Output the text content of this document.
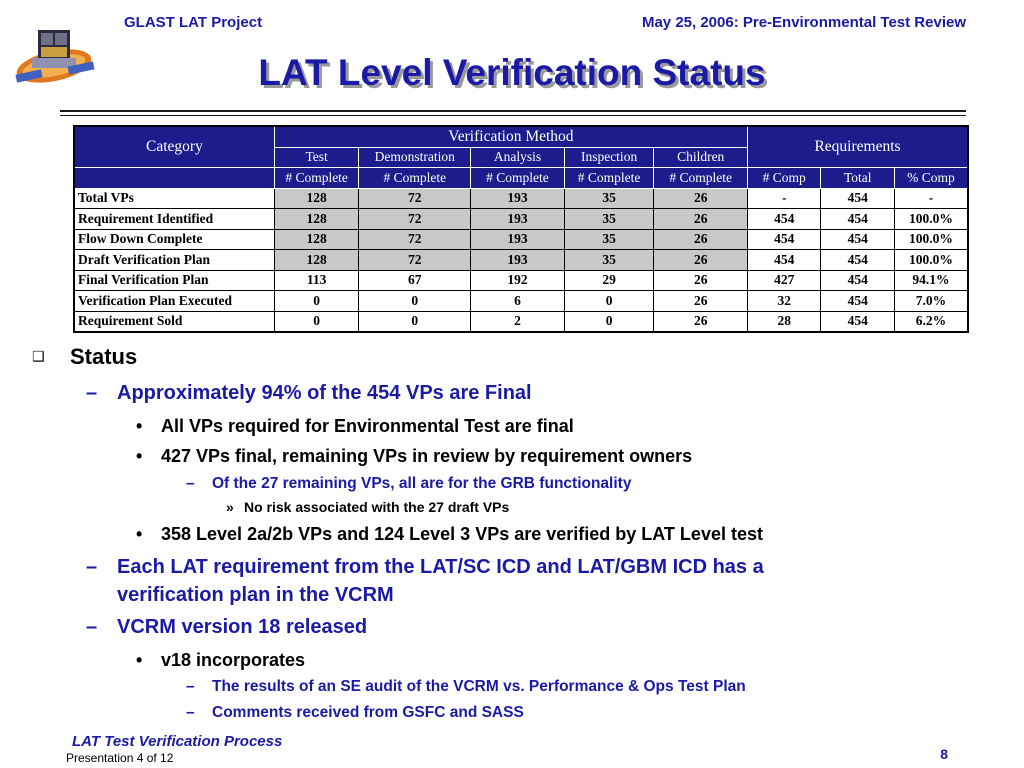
GLAST LAT Project	May 25, 2006: Pre-Environmental Test Review
LAT Level Verification Status
Category	Verification Method					Requirements		
	Test	Demonstration	Analysis	Inspection	Children			
	# Complete	# Complete	# Complete	# Complete	# Complete	# Comp	Total	% Comp
Total VPs	128	72	193	35	26	-	454	-
Requirement Identified	128	72	193	35	26	454	454	100.0%
Flow Down Complete	128	72	193	35	26	454	454	100.0%
Draft Verification Plan	128	72	193	35	26	454	454	100.0%
Final Verification Plan	113	67	192	29	26	427	454	94.1%
Verification Plan Executed	0	0	6	0	26	32	454	7.0%
Requirement Sold	0	0	2	0	26	28	454	6.2%
❑ Status
– Approximately 94% of the 454 VPs are Final
• All VPs required for Environmental Test are final
• 427 VPs final, remaining VPs in review by requirement owners
– Of the 27 remaining VPs, all are for the GRB functionality
» No risk associated with the 27 draft VPs
• 358 Level 2a/2b VPs and 124 Level 3 VPs are verified by LAT Level test
– Each LAT requirement from the LAT/SC ICD and LAT/GBM ICD has a
verification plan in the VCRM
– VCRM version 18 released
• v18 incorporates
– The results of an SE audit of the VCRM vs. Performance & Ops Test Plan
– Comments received from GSFC and SASS
LAT Test Verification Process
Presentation 4 of 12	8
